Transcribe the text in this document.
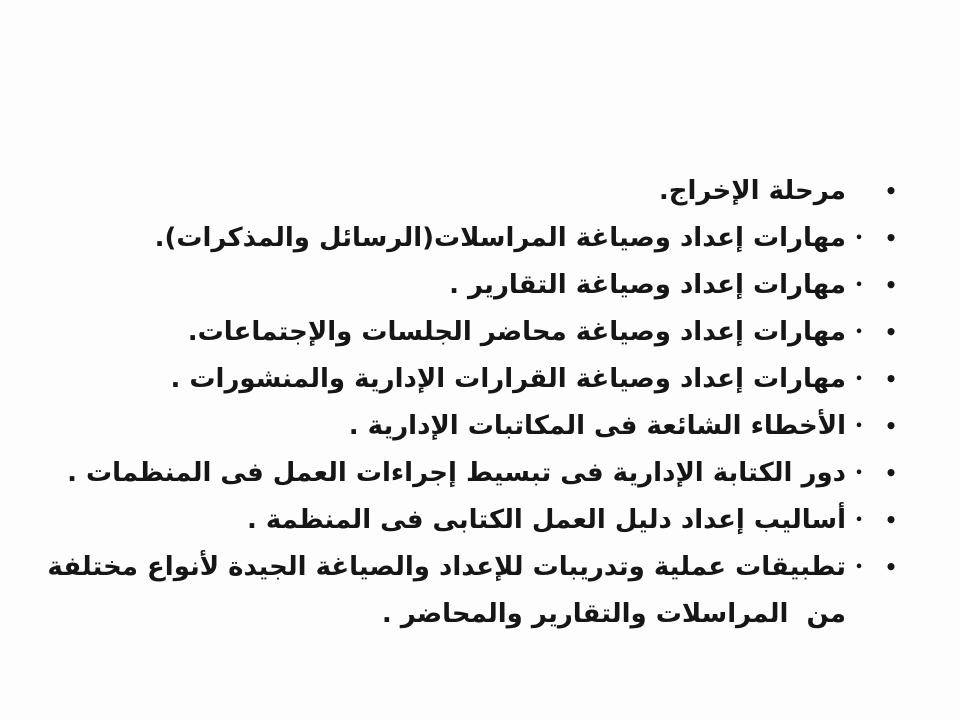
•
مرحلة الإخراج.
•
•
مهارات إعداد وصياغة المراسلات(الرسائل والمذكرات).
•
•
مهارات إعداد وصياغة التقارير .
•
•
مهارات إعداد وصياغة محاضر الجلسات والإجتماعات.
•
•
مهارات إعداد وصياغة القرارات الإدارية والمنشورات .
•
•
الأخطاء الشائعة فى المكاتبات الإدارية .
•
•
دور الكتابة الإدارية فى تبسيط إجراءات العمل فى المنظمات .
•
•
أساليب إعداد دليل العمل الكتابى فى المنظمة .
•
•
تطبيقات عملية وتدريبات للإعداد والصياغة الجيدة لأنواع مختلفة
من  المراسلات والتقارير والمحاضر .
